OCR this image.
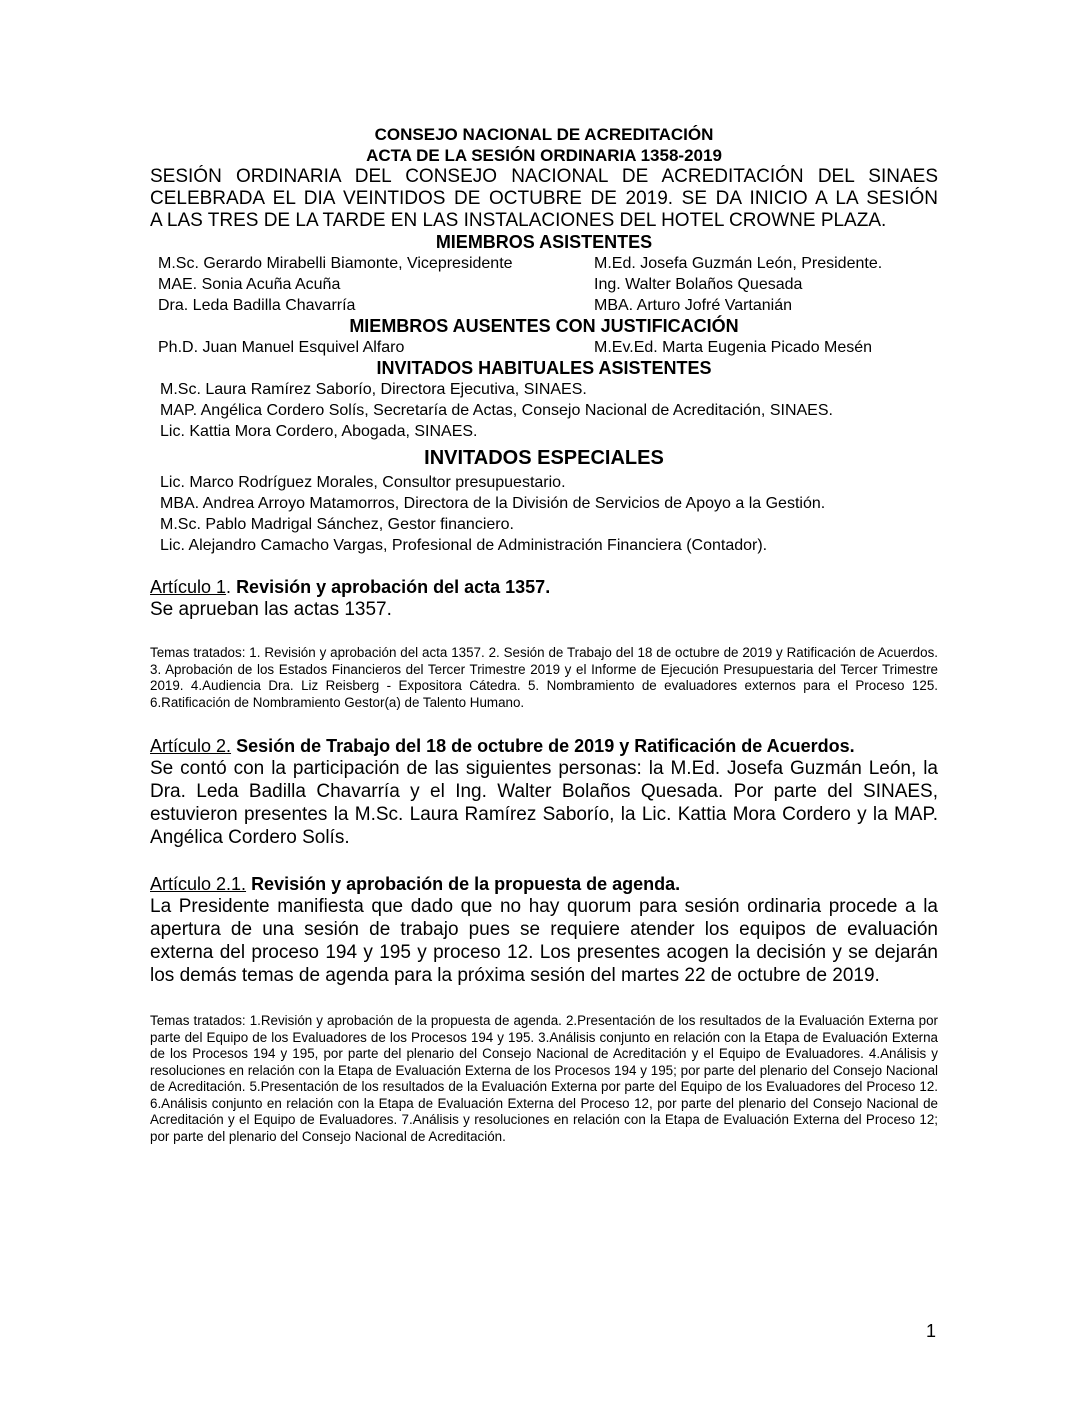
CONSEJO NACIONAL DE ACREDITACIÓN
ACTA DE LA SESIÓN ORDINARIA 1358-2019
SESIÓN ORDINARIA DEL CONSEJO NACIONAL DE ACREDITACIÓN DEL SINAES
CELEBRADA EL DIA VEINTIDOS DE OCTUBRE DE 2019. SE DA INICIO A LA SESIÓN
A LAS TRES DE LA TARDE EN LAS INSTALACIONES DEL HOTEL CROWNE PLAZA.
MIEMBROS ASISTENTES
M.Sc. Gerardo Mirabelli Biamonte, Vicepresidente	M.Ed. Josefa Guzmán León, Presidente.
MAE. Sonia Acuña Acuña	Ing. Walter Bolaños Quesada
Dra. Leda Badilla Chavarría	MBA. Arturo Jofré Vartanián
MIEMBROS AUSENTES CON JUSTIFICACIÓN
Ph.D. Juan Manuel Esquivel Alfaro	M.Ev.Ed. Marta Eugenia Picado Mesén
INVITADOS HABITUALES ASISTENTES
M.Sc. Laura Ramírez Saborío, Directora Ejecutiva, SINAES.
MAP. Angélica Cordero Solís, Secretaría de Actas, Consejo Nacional de Acreditación, SINAES.
Lic. Kattia Mora Cordero, Abogada, SINAES.
INVITADOS ESPECIALES
Lic. Marco Rodríguez Morales, Consultor presupuestario.
MBA. Andrea Arroyo Matamorros, Directora de la División de Servicios de Apoyo a la Gestión.
M.Sc. Pablo Madrigal Sánchez, Gestor financiero.
Lic. Alejandro Camacho Vargas, Profesional de Administración Financiera (Contador).
Artículo 1. Revisión y aprobación del acta 1357.
Se aprueban las actas 1357.
Temas tratados: 1. Revisión y aprobación del acta 1357. 2. Sesión de Trabajo del 18 de octubre de 2019 y Ratificación de Acuerdos. 3. Aprobación de los Estados Financieros del Tercer Trimestre 2019 y el Informe de Ejecución Presupuestaria del Tercer Trimestre 2019. 4.Audiencia Dra. Liz Reisberg - Expositora Cátedra. 5. Nombramiento de evaluadores externos para el Proceso 125. 6.Ratificación de Nombramiento Gestor(a) de Talento Humano.
Artículo 2. Sesión de Trabajo del 18 de octubre de 2019 y Ratificación de Acuerdos.
Se contó con la participación de las siguientes personas: la M.Ed. Josefa Guzmán León, la Dra. Leda Badilla Chavarría y el Ing. Walter Bolaños Quesada. Por parte del SINAES, estuvieron presentes la M.Sc. Laura Ramírez Saborío, la Lic. Kattia Mora Cordero y la MAP. Angélica Cordero Solís.
Artículo 2.1. Revisión y aprobación de la propuesta de agenda.
La Presidente manifiesta que dado que no hay quorum para sesión ordinaria procede a la apertura de una sesión de trabajo pues se requiere atender los equipos de evaluación externa del proceso 194 y 195 y proceso 12. Los presentes acogen la decisión y se dejarán los demás temas de agenda para la próxima sesión del martes 22 de octubre de 2019.
Temas tratados: 1.Revisión y aprobación de la propuesta de agenda. 2.Presentación de los resultados de la Evaluación Externa por parte del Equipo de los Evaluadores de los Procesos 194 y 195. 3.Análisis conjunto en relación con la Etapa de Evaluación Externa de los Procesos 194 y 195, por parte del plenario del Consejo Nacional de Acreditación y el Equipo de Evaluadores. 4.Análisis y resoluciones en relación con la Etapa de Evaluación Externa de los Procesos 194 y 195; por parte del plenario del Consejo Nacional de Acreditación. 5.Presentación de los resultados de la Evaluación Externa por parte del Equipo de los Evaluadores del Proceso 12. 6.Análisis conjunto en relación con la Etapa de Evaluación Externa del Proceso 12, por parte del plenario del Consejo Nacional de Acreditación y el Equipo de Evaluadores. 7.Análisis y resoluciones en relación con la Etapa de Evaluación Externa del Proceso 12; por parte del plenario del Consejo Nacional de Acreditación.
1
